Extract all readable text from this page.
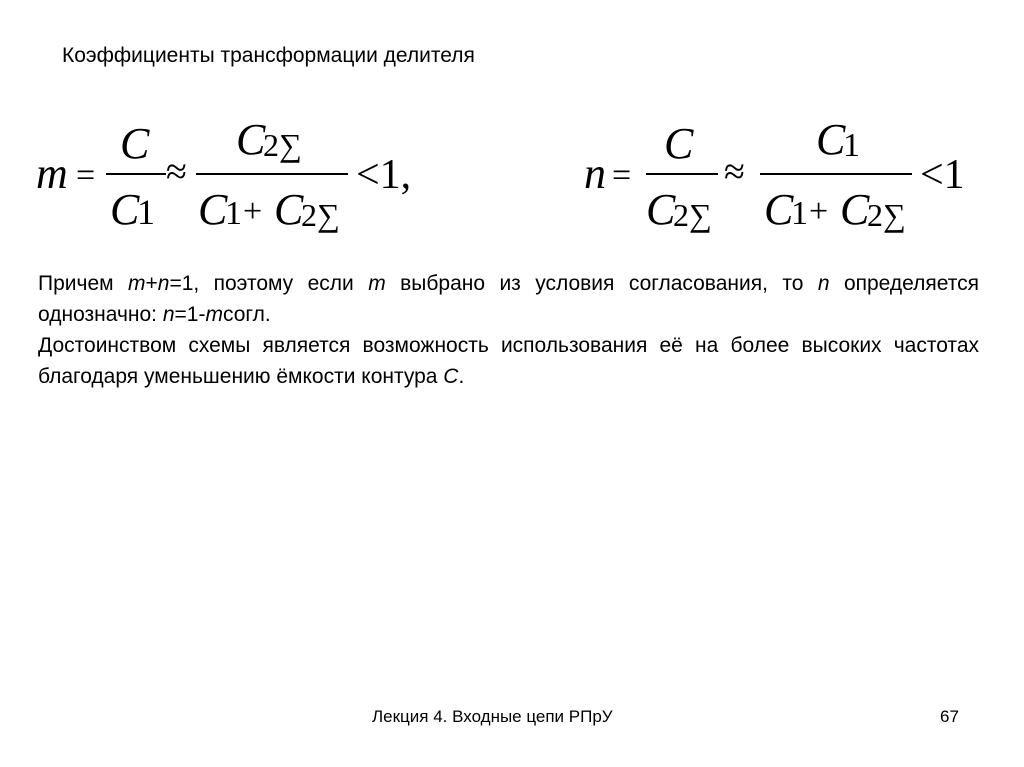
Коэффициенты трансформации делителя
m =
C
C
1
≈
C
2∑
C
1 + C
2∑
<1,	n =
C
C
2∑
≈
C
1
C
1 + C
2∑
<1

Причем m+n=1, поэтому если m выбрано из условия согласования, то n определяется однозначно: n=1-mсогл.

Достоинством схемы является возможность использования её на более высоких частотах благодаря уменьшению ёмкости контура C.

Лекция 4. Входные цепи РПрУ	67
